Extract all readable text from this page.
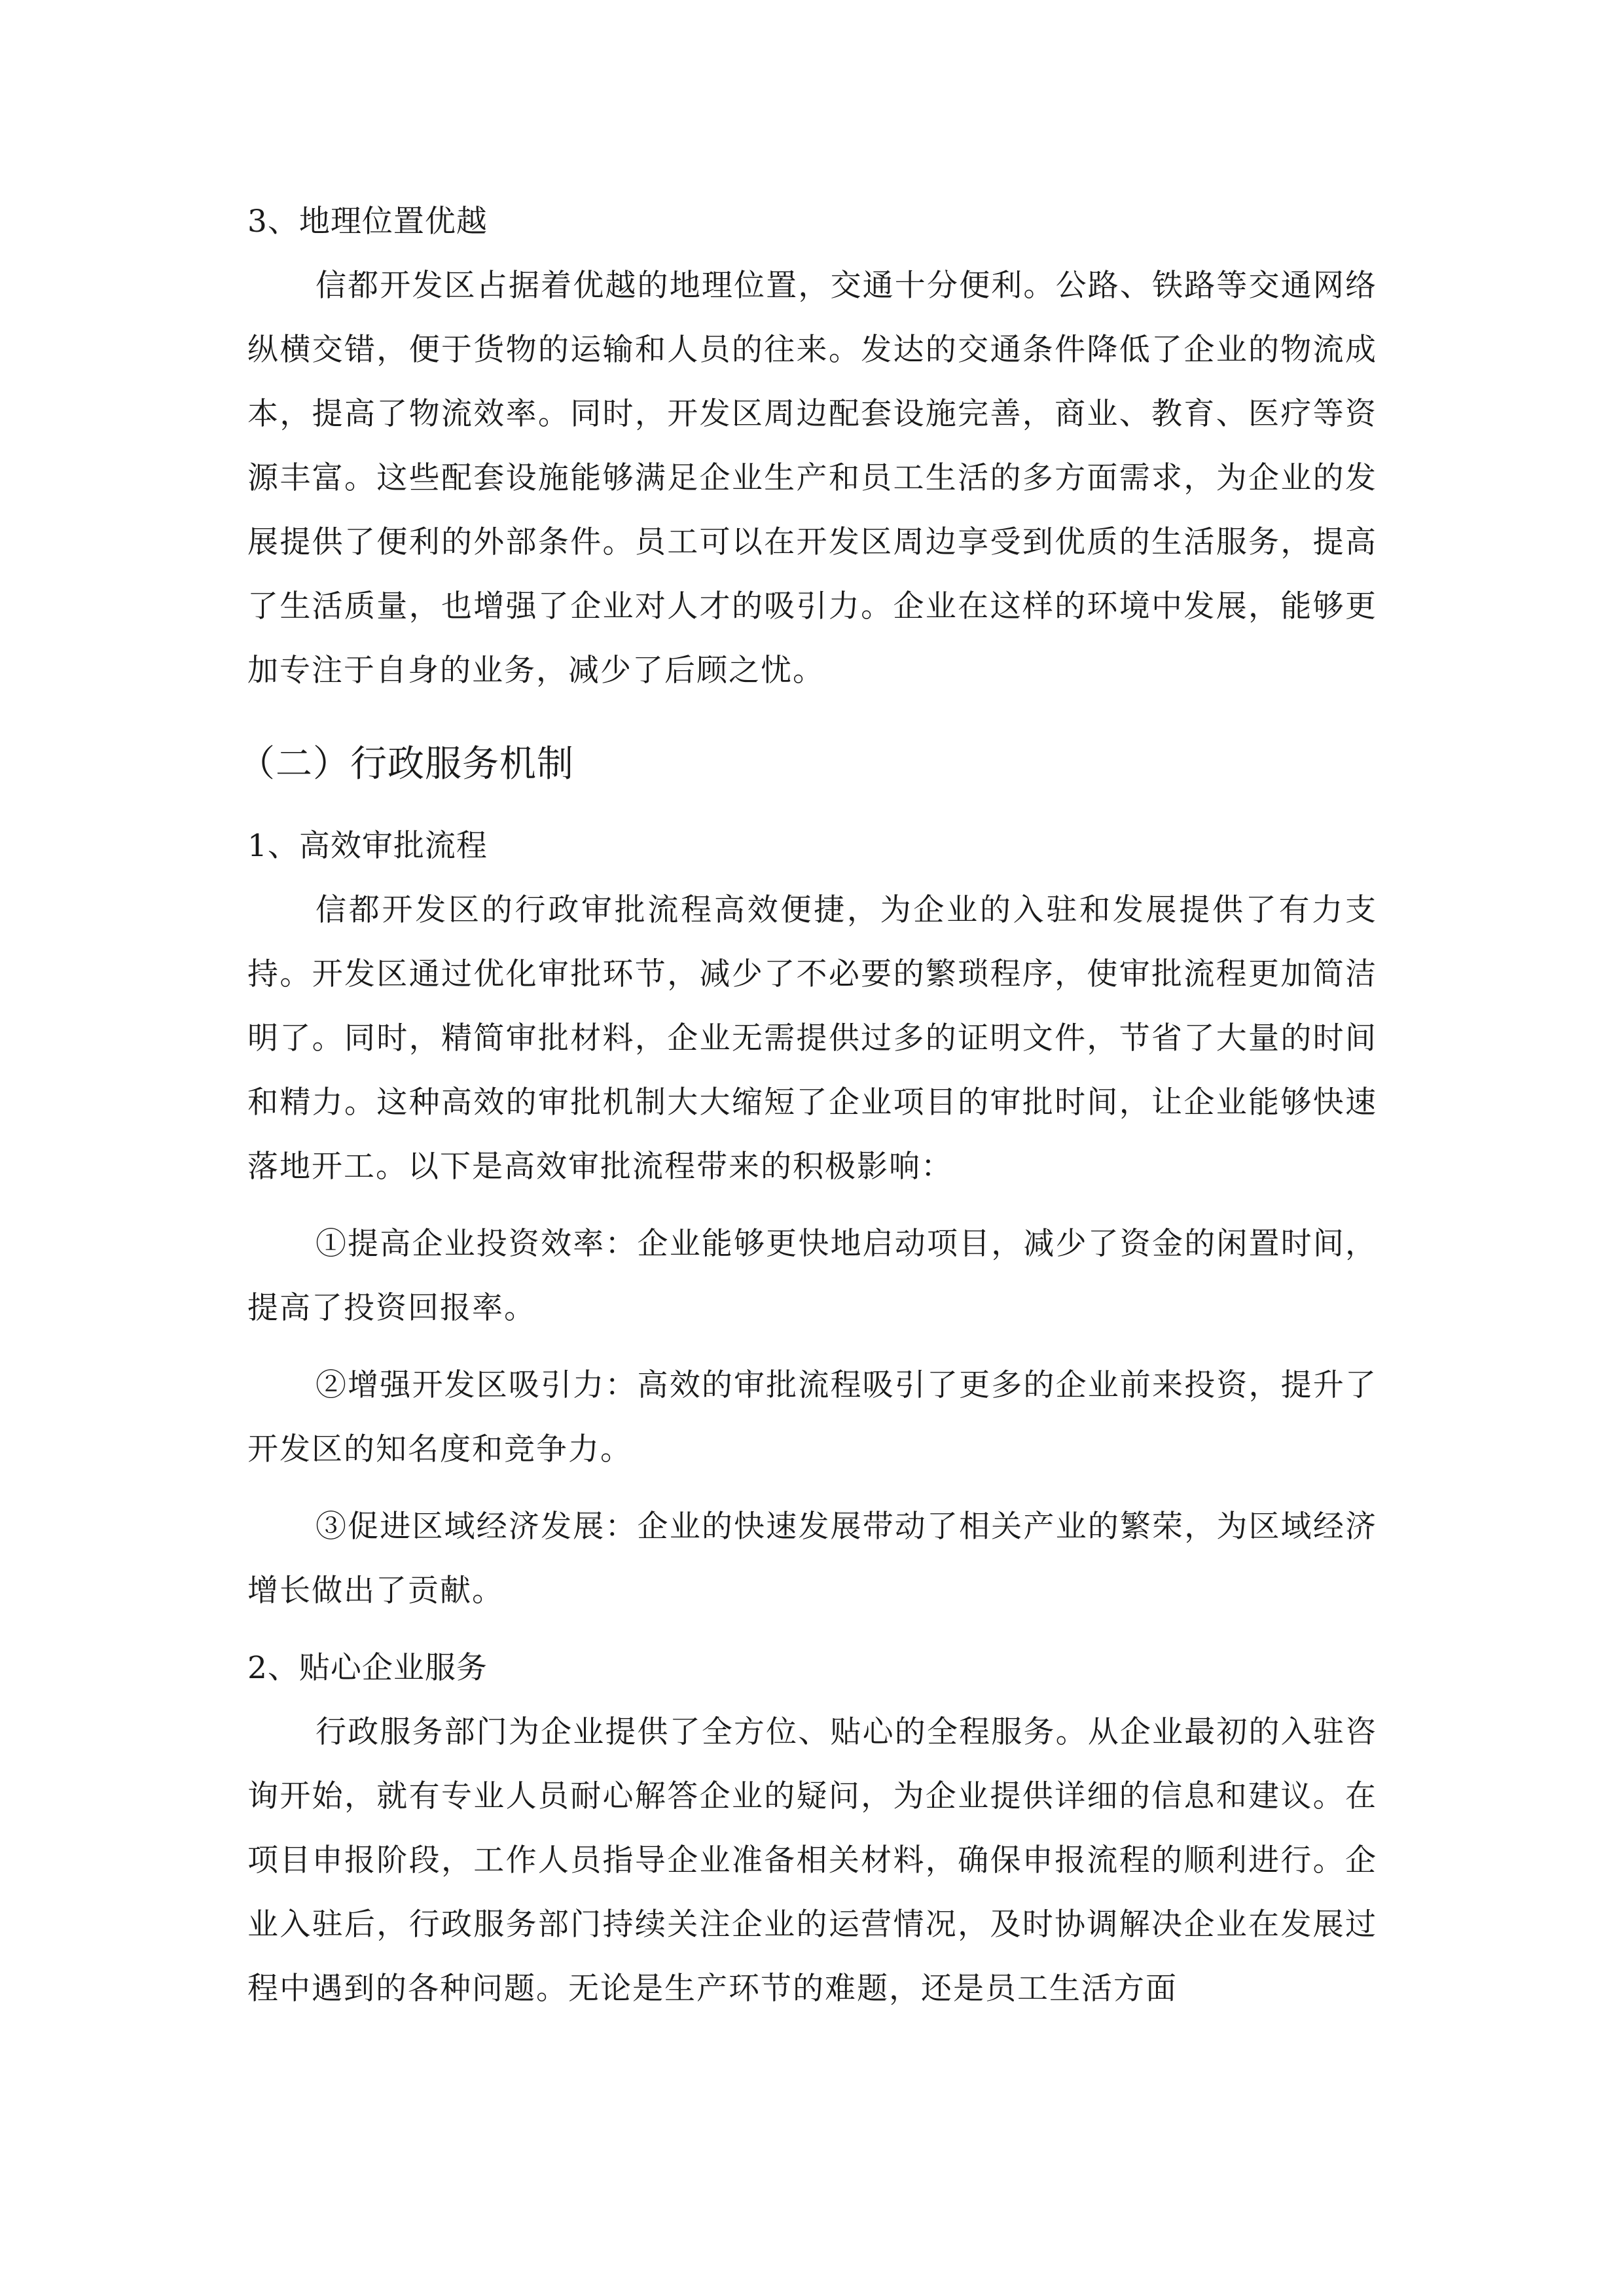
3、地理位置优越

信都开发区占据着优越的地理位置，交通十分便利。公路、铁路等交通网络纵横交错，便于货物的运输和人员的往来。发达的交通条件降低了企业的物流成本，提高了物流效率。同时，开发区周边配套设施完善，商业、教育、医疗等资源丰富。这些配套设施能够满足企业生产和员工生活的多方面需求，为企业的发展提供了便利的外部条件。员工可以在开发区周边享受到优质的生活服务，提高了生活质量，也增强了企业对人才的吸引力。企业在这样的环境中发展，能够更加专注于自身的业务，减少了后顾之忧。

（二）行政服务机制

1、高效审批流程

信都开发区的行政审批流程高效便捷，为企业的入驻和发展提供了有力支持。开发区通过优化审批环节，减少了不必要的繁琐程序，使审批流程更加简洁明了。同时，精简审批材料，企业无需提供过多的证明文件，节省了大量的时间和精力。这种高效的审批机制大大缩短了企业项目的审批时间，让企业能够快速落地开工。以下是高效审批流程带来的积极影响：

①提高企业投资效率：企业能够更快地启动项目，减少了资金的闲置时间，提高了投资回报率。

②增强开发区吸引力：高效的审批流程吸引了更多的企业前来投资，提升了开发区的知名度和竞争力。

③促进区域经济发展：企业的快速发展带动了相关产业的繁荣，为区域经济增长做出了贡献。

2、贴心企业服务

行政服务部门为企业提供了全方位、贴心的全程服务。从企业最初的入驻咨询开始，就有专业人员耐心解答企业的疑问，为企业提供详细的信息和建议。在项目申报阶段，工作人员指导企业准备相关材料，确保申报流程的顺利进行。企业入驻后，行政服务部门持续关注企业的运营情况，及时协调解决企业在发展过程中遇到的各种问题。无论是生产环节的难题，还是员工生活方面
